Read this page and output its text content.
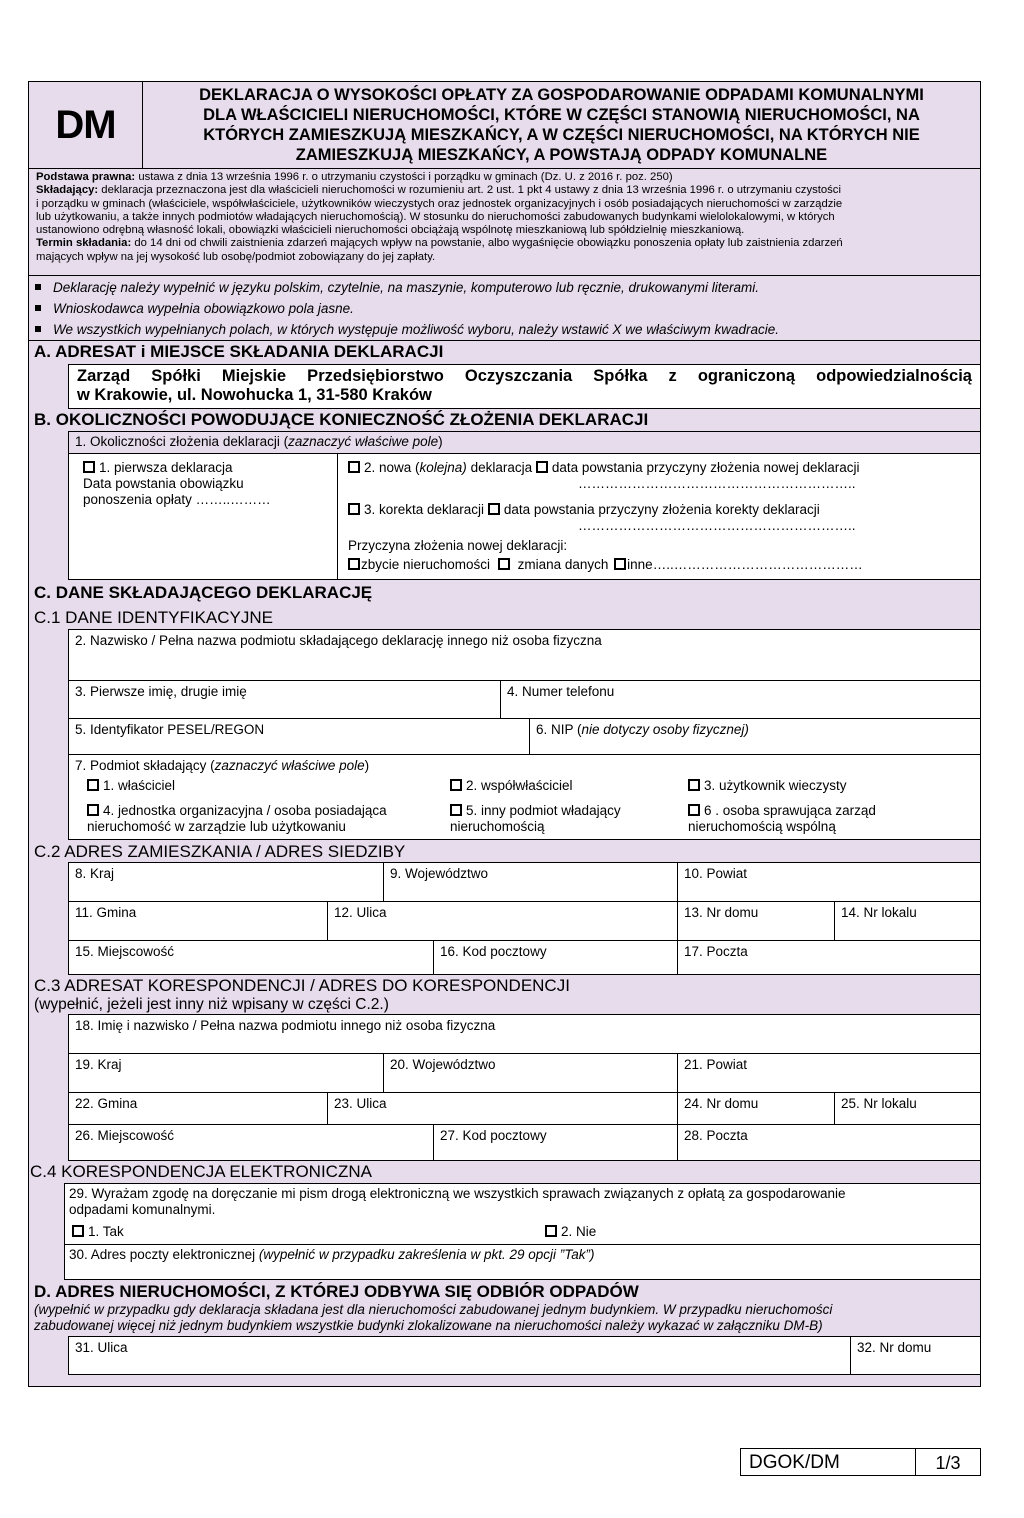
DM
DEKLARACJA O WYSOKOŚCI OPŁATY ZA GOSPODAROWANIE ODPADAMI KOMUNALNYMI
DLA WŁAŚCICIELI NIERUCHOMOŚCI, KTÓRE W CZĘŚCI STANOWIĄ NIERUCHOMOŚCI, NA
KTÓRYCH ZAMIESZKUJĄ MIESZKAŃCY, A W CZĘŚCI NIERUCHOMOŚCI, NA KTÓRYCH NIE
ZAMIESZKUJĄ MIESZKAŃCY, A POWSTAJĄ ODPADY KOMUNALNE
Podstawa prawna: ustawa z dnia 13 września 1996 r. o utrzymaniu czystości i porządku w gminach (Dz. U. z 2016 r. poz. 250)
Składający: deklaracja przeznaczona jest dla właścicieli nieruchomości w rozumieniu art. 2 ust. 1 pkt 4 ustawy z dnia 13 września 1996 r. o utrzymaniu czystości
i porządku w gminach (właściciele, współwłaściciele, użytkowników wieczystych oraz jednostek organizacyjnych i osób posiadających nieruchomości w zarządzie
lub użytkowaniu, a także innych podmiotów władających nieruchomością). W stosunku do nieruchomości zabudowanych budynkami wielolokalowymi, w których
ustanowiono odrębną własność lokali, obowiązki właścicieli nieruchomości obciążają wspólnotę mieszkaniową lub spółdzielnię mieszkaniową.
Termin składania: do 14 dni od chwili zaistnienia zdarzeń mających wpływ na powstanie, albo wygaśnięcie obowiązku ponoszenia opłaty lub zaistnienia zdarzeń
mających wpływ na jej wysokość lub osobę/podmiot zobowiązany do jej zapłaty.
Deklarację należy wypełnić w języku polskim, czytelnie, na maszynie, komputerowo lub ręcznie, drukowanymi literami.
Wnioskodawca wypełnia obowiązkowo pola jasne.
We wszystkich wypełnianych polach, w których występuje możliwość wyboru, należy wstawić X we właściwym kwadracie.
A. ADRESAT i MIEJSCE SKŁADANIA DEKLARACJI
Zarząd Spółki Miejskie Przedsiębiorstwo Oczyszczania Spółka z ograniczoną odpowiedzialnością
w Krakowie, ul. Nowohucka 1, 31-580 Kraków
B. OKOLICZNOŚCI POWODUJĄCE KONIECZNOŚĆ ZŁOŻENIA DEKLARACJI
1. Okoliczności złożenia deklaracji (zaznaczyć właściwe pole)
1. pierwsza deklaracja
Data powstania obowiązku
ponoszenia opłaty ……..………
2. nowa (kolejna) deklaracja data powstania przyczyny złożenia nowej deklaracji
……………………………………………………..
3. korekta deklaracji data powstania przyczyny złożenia korekty deklaracji
……………………………………………………..
Przyczyna złożenia nowej deklaracji:
zbycie nieruchomości zmiana danych inne…..……………………………………
C. DANE SKŁADAJĄCEGO DEKLARACJĘ
C.1 DANE IDENTYFIKACYJNE
2. Nazwisko / Pełna nazwa podmiotu składającego deklarację innego niż osoba fizyczna
3. Pierwsze imię, drugie imię	4. Numer telefonu
5. Identyfikator PESEL/REGON	6. NIP (nie dotyczy osoby fizycznej)
7. Podmiot składający (zaznaczyć właściwe pole)
1. właściciel	2. współwłaściciel	3. użytkownik wieczysty
4. jednostka organizacyjna / osoba posiadająca
nieruchomość w zarządzie lub użytkowaniu
5. inny podmiot władający
nieruchomością
6 . osoba sprawująca zarząd
nieruchomością wspólną
C.2 ADRES ZAMIESZKANIA / ADRES SIEDZIBY
8. Kraj	9. Województwo	10. Powiat
11. Gmina	12. Ulica	13. Nr domu	14. Nr lokalu
15. Miejscowość	16. Kod pocztowy	17. Poczta
C.3 ADRESAT KORESPONDENCJI / ADRES DO KORESPONDENCJI
(wypełnić, jeżeli jest inny niż wpisany w części C.2.)
18. Imię i nazwisko / Pełna nazwa podmiotu innego niż osoba fizyczna
19. Kraj	20. Województwo	21. Powiat
22. Gmina	23. Ulica	24. Nr domu	25. Nr lokalu
26. Miejscowość	27. Kod pocztowy	28. Poczta
C.4 KORESPONDENCJA ELEKTRONICZNA
29. Wyrażam zgodę na doręczanie mi pism drogą elektroniczną we wszystkich sprawach związanych z opłatą za gospodarowanie
odpadami komunalnymi.
1. Tak	2. Nie
30. Adres poczty elektronicznej (wypełnić w przypadku zakreślenia w pkt. 29 opcji ”Tak”)
D. ADRES NIERUCHOMOŚCI, Z KTÓREJ ODBYWA SIĘ ODBIÓR ODPADÓW
(wypełnić w przypadku gdy deklaracja składana jest dla nieruchomości zabudowanej jednym budynkiem. W przypadku nieruchomości
zabudowanej więcej niż jednym budynkiem wszystkie budynki zlokalizowane na nieruchomości należy wykazać w załączniku DM-B)
31. Ulica	32. Nr domu
DGOK/DM	1/3
